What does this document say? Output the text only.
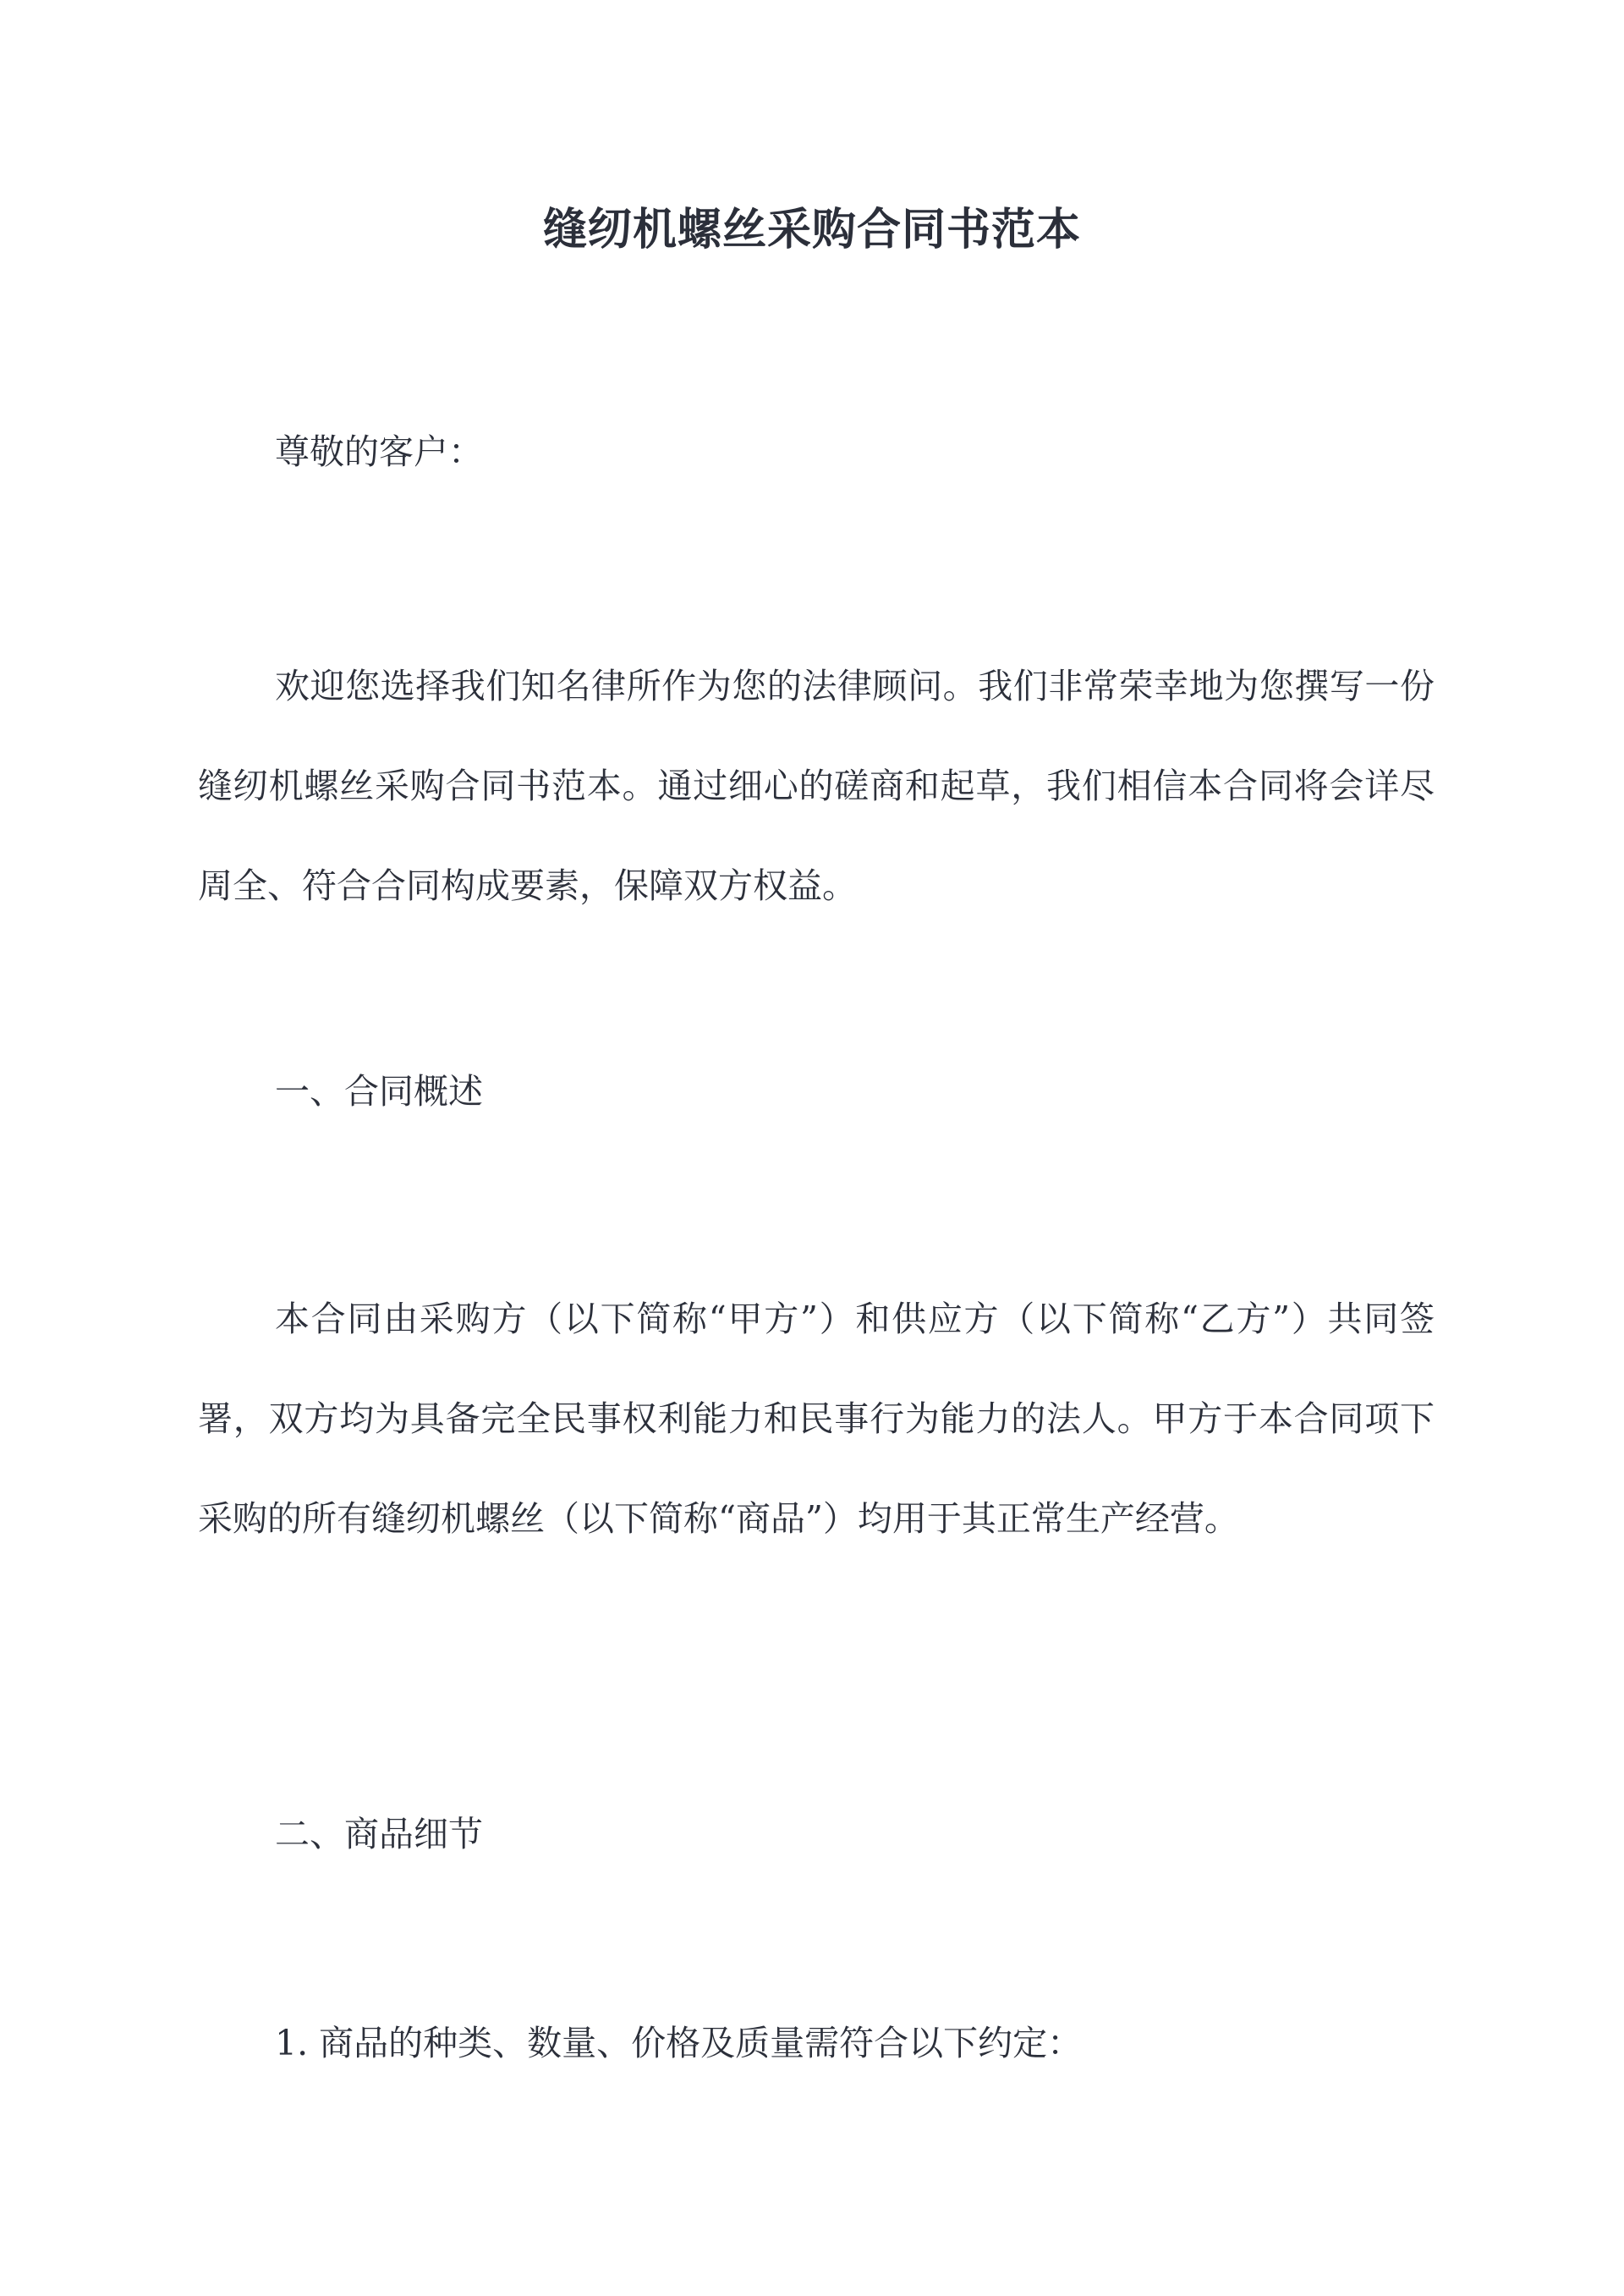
缝纫机螺丝采购合同书范本

尊敬的客户：

欢迎您选择我们知名律所作为您的法律顾问。我们非常荣幸地为您撰写一份缝纫机螺丝采购合同书范本。通过细心的磋商和起草，我们相信本合同将会详尽周全、符合合同构成要素，保障双方权益。

一、合同概述

本合同由采购方（以下简称“甲方”）和供应方（以下简称“乙方”）共同签署，双方均为具备完全民事权利能力和民事行为能力的法人。甲方于本合同项下采购的所有缝纫机螺丝（以下简称“商品”）均用于其正常生产经营。

二、商品细节

1. 商品的种类、数量、价格及质量需符合以下约定：
